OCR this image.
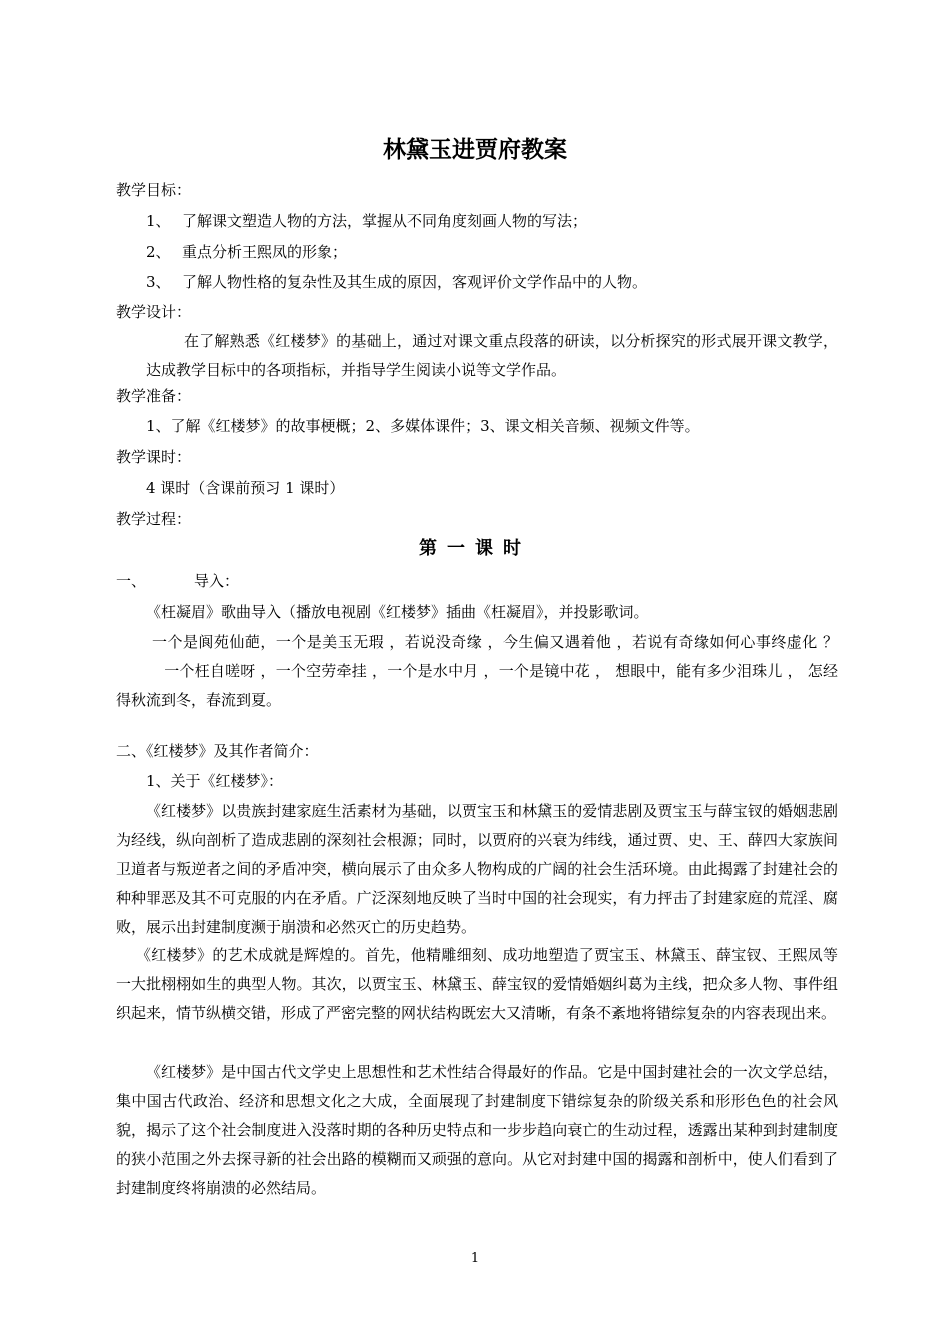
林黛玉进贾府教案
教学目标：
1、 了解课文塑造人物的方法，掌握从不同角度刻画人物的写法；
2、 重点分析王熙凤的形象；
3、 了解人物性格的复杂性及其生成的原因，客观评价文学作品中的人物。
教学设计：
在了解熟悉《红楼梦》的基础上，通过对课文重点段落的研读，以分析探究的形式展开课文教学，达成教学目标中的各项指标，并指导学生阅读小说等文学作品。
教学准备：
1、了解《红楼梦》的故事梗概；2、多媒体课件；3、课文相关音频、视频文件等。
教学课时：
4 课时（含课前预习 1 课时）
教学过程：
第一课时
一、	导入：
《枉凝眉》歌曲导入（播放电视剧《红楼梦》插曲《枉凝眉》，并投影歌词。
一个是阆苑仙葩，一个是美玉无瑕 ，若说没奇缘 ，今生偏又遇着他 ，若说有奇缘如何心事终虚化 ？一个枉自嗟呀 ，一个空劳牵挂 ，一个是水中月 ，一个是镜中花 ， 想眼中，能有多少泪珠儿 ， 怎经得秋流到冬，春流到夏。
二、《红楼梦》及其作者简介：
1、关于《红楼梦》：
《红楼梦》以贵族封建家庭生活素材为基础，以贾宝玉和林黛玉的爱情悲剧及贾宝玉与薛宝钗的婚姻悲剧为经线，纵向剖析了造成悲剧的深刻社会根源；同时，以贾府的兴衰为纬线，通过贾、史、王、薛四大家族间卫道者与叛逆者之间的矛盾冲突，横向展示了由众多人物构成的广阔的社会生活环境。由此揭露了封建社会的种种罪恶及其不可克服的内在矛盾。广泛深刻地反映了当时中国的社会现实，有力抨击了封建家庭的荒淫、腐败，展示出封建制度濒于崩溃和必然灭亡的历史趋势。
《红楼梦》的艺术成就是辉煌的。首先，他精雕细刻、成功地塑造了贾宝玉、林黛玉、薛宝钗、王熙凤等一大批栩栩如生的典型人物。其次，以贾宝玉、林黛玉、薛宝钗的爱情婚姻纠葛为主线，把众多人物、事件组织起来，情节纵横交错，形成了严密完整的网状结构既宏大又清晰，有条不紊地将错综复杂的内容表现出来。
《红楼梦》是中国古代文学史上思想性和艺术性结合得最好的作品。它是中国封建社会的一次文学总结，集中国古代政治、经济和思想文化之大成，全面展现了封建制度下错综复杂的阶级关系和形形色色的社会风貌，揭示了这个社会制度进入没落时期的各种历史特点和一步步趋向衰亡的生动过程，透露出某种到封建制度的狭小范围之外去探寻新的社会出路的模糊而又顽强的意向。从它对封建中国的揭露和剖析中，使人们看到了封建制度终将崩溃的必然结局。
1
